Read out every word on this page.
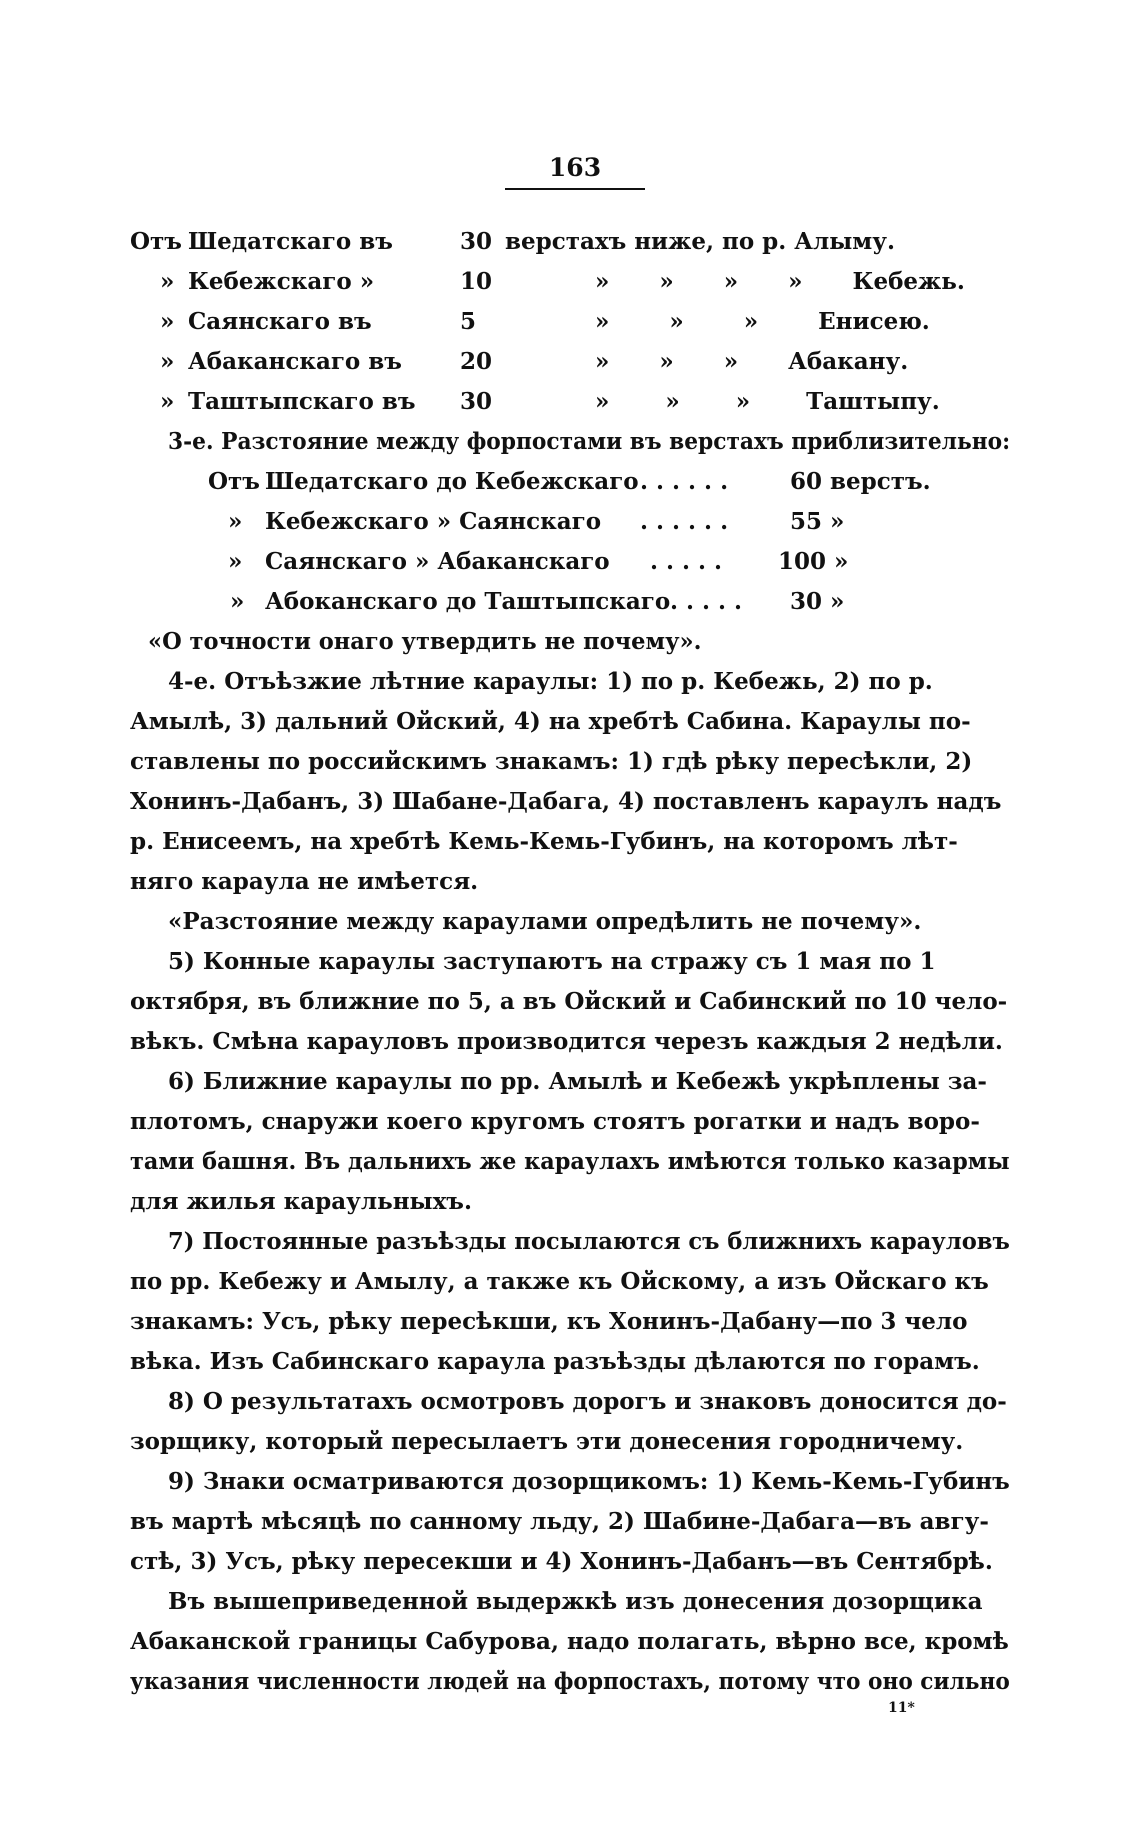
163
Отъ Шедатскаго въ	30 верстахъ ниже, по р. Алыму.
» Кебежскаго »	10	» » » » Кебежь.
» Саянскаго въ	5	» » » Енисею.
» Абаканскаго въ	20	» » » Абакану.
» Таштыпскаго въ 30	» » » Таштыпу.
3-е. Разстояние между форпостами въ верстахъ приблизительно:
Отъ Шедатскаго до Кебежскаго . . . . . .	60 верстъ.
» Кебежскаго » Саянскаго . . . . . .	55 »
» Саянскаго » Абаканскаго . . . . . 100 »
» Абоканскаго до Таштыпскаго . . . . . 30 »
«О точности онаго утвердить не почему».
4-е. Отъѣзжие лѣтние караулы: 1) по р. Кебежь, 2) по р.
Амылѣ, 3) дальний Ойский, 4) на хребтѣ Сабина. Караулы по-
ставлены по российскимъ знакамъ: 1) гдѣ рѣку пересѣкли, 2)
Хонинъ-Дабанъ, 3) Шабане-Дабага, 4) поставленъ караулъ надъ
р. Енисеемъ, на хребтѣ Кемь-Кемь-Губинъ, на которомъ лѣт-
няго караула не имѣется.
«Разстояние между караулами опредѣлить не почему».
5) Конные караулы заступаютъ на стражу съ 1 мая по 1
октября, въ ближние по 5, а въ Ойский и Сабинский по 10 чело-
вѣкъ. Смѣна карауловъ производится черезъ каждыя 2 недѣли.
6) Ближние караулы по рр. Амылѣ и Кебежѣ укрѣплены за-
плотомъ, снаружи коего кругомъ стоятъ рогатки и надъ воро-
тами башня. Въ дальнихъ же караулахъ имѣются только казармы
для жилья караульныхъ.
7) Постоянные разъѣзды посылаются съ ближнихъ карауловъ
по рр. Кебежу и Амылу, а также къ Ойскому, а изъ Ойскаго къ
знакамъ: Усъ, рѣку пересѣкши, къ Хонинъ-Дабану—по 3 чело
вѣка. Изъ Сабинскаго караула разъѣзды дѣлаются по горамъ.
8) О результатахъ осмотровъ дорогъ и знаковъ доносится до-
зорщику, который пересылаетъ эти донесения городничему.
9) Знаки осматриваются дозорщикомъ: 1) Кемь-Кемь-Губинъ
въ мартѣ мѣсяцѣ по санному льду, 2) Шабине-Дабага—въ авгу-
стѣ, 3) Усъ, рѣку пересекши и 4) Хонинъ-Дабанъ—въ Сентябрѣ.
Въ вышеприведенной выдержкѣ изъ донесения дозорщика
Абаканской границы Сабурова, надо полагать, вѣрно все, кромѣ
указания численности людей на форпостахъ, потому что оно сильно
11*
